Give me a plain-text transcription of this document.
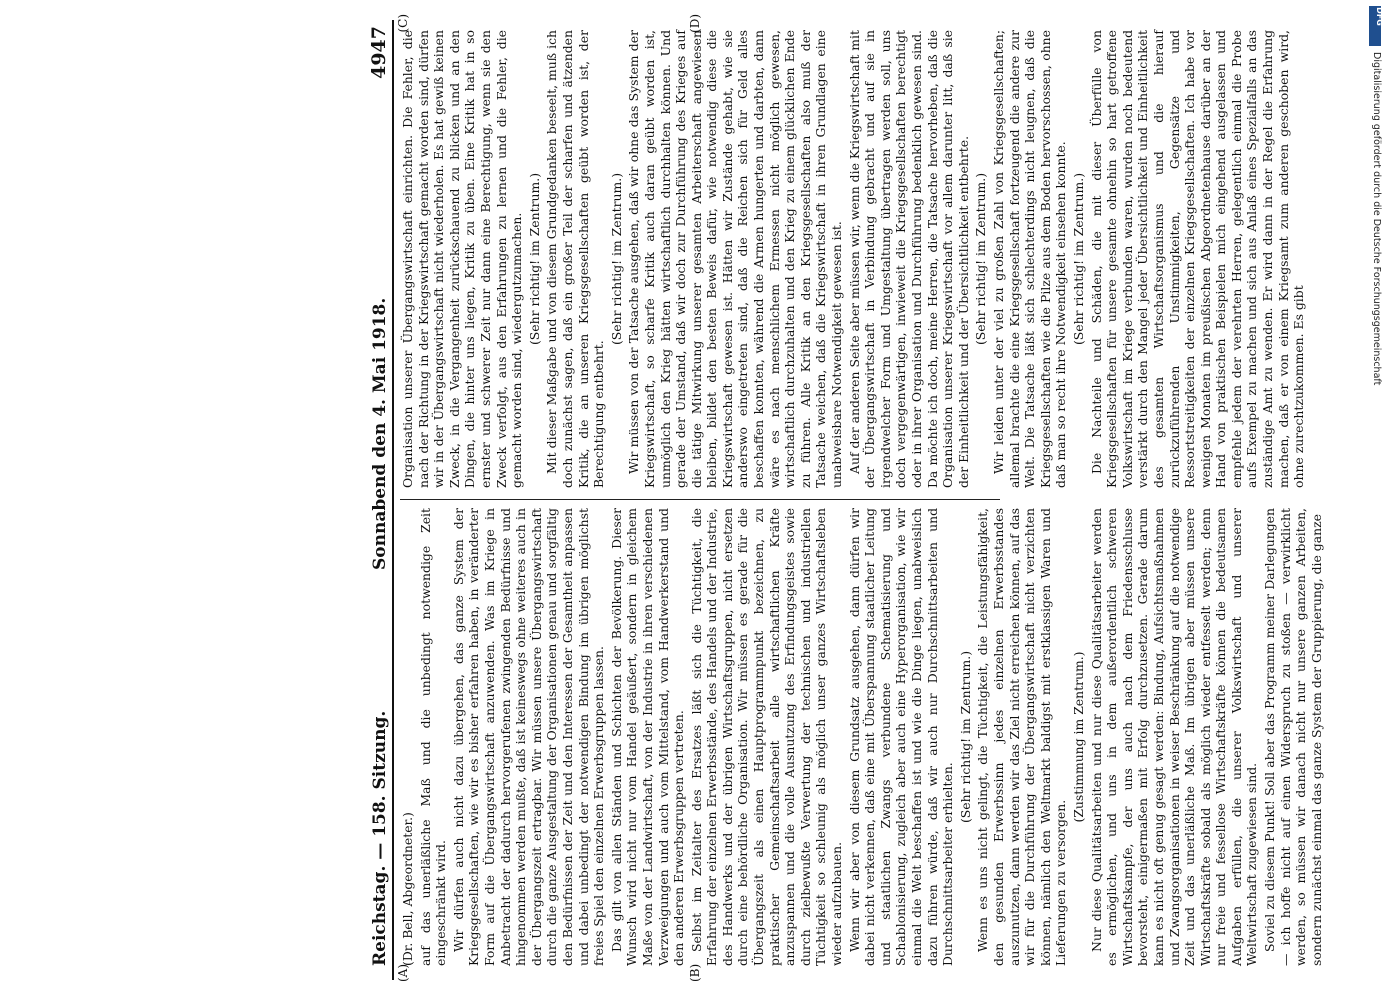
Reichstag. — 158. Sitzung.
Sonnabend den 4. Mai 1918.
4947

(Dr. Bell, Abgeordneter.) auf das unerläßliche Maß und die unbedingt notwendige Zeit eingeschränkt wird. Wir dürfen auch nicht dazu übergehen, das ganze System der Kriegsgesellschaften, wie wir es bisher erfahren haben, in veränderter Form auf die Übergangswirtschaft anzuwenden. Was im Kriege in Anbetracht der dadurch hervorgerufenen zwingenden Bedürfnisse und hingenommen werden mußte, daß ist keineswegs ohne weiteres auch in der Übergangszeit ertragbar. Wir müssen unsere Übergangswirtschaft durch die ganze Ausgestaltung der Organisationen genau und sorgfältig den Bedürfnissen der Zeit und den Interessen der Gesamtheit anpassen und dabei unbedingt der notwendigen Bindung im übrigen möglichst freies Spiel den einzelnen Erwerbsgruppen lassen. Das gilt von allen Ständen und Schichten der Bevölkerung. Dieser Wunsch wird nicht nur vom Handel geäußert, sondern in gleichem Maße von der Landwirtschaft, von der Industrie in ihren verschiedenen Verzweigungen und auch vom Mittelstand, vom Handwerkerstand und den anderen Erwerbsgruppen vertreten. Selbst im Zeitalter des Ersatzes läßt sich die Tüchtigkeit, die Erfahrung der einzelnen Erwerbsstände, des Handels und der Industrie, des Handwerks und der übrigen Wirtschaftsgruppen, nicht ersetzen durch eine behördliche Organisation. Wir müssen es gerade für die Übergangszeit als einen Hauptprogrammpunkt bezeichnen, zu praktischer Gemeinschaftsarbeit alle wirtschaftlichen Kräfte anzuspannen und die volle Ausnutzung des Erfindungsgeistes sowie durch zielbewußte Verwertung der technischen und industriellen Tüchtigkeit so schleunig als möglich unser ganzes Wirtschaftsleben wieder aufzubauen. Wenn wir aber von diesem Grundsatz ausgehen, dann dürfen wir dabei nicht verkennen, daß eine mit Überspannung staatlicher Leitung und staatlichen Zwangs verbundene Schematisierung und Schablonisierung, zugleich aber auch eine Hyperorganisation, wie wir einmal die Welt beschaffen ist und wie die Dinge liegen, unabweislich dazu führen würde, daß wir auch nur Durchschnittsarbeiten und Durchschnittsarbeiter erhielten.

(Sehr richtig! im Zentrum.) Wenn es uns nicht gelingt, die Tüchtigkeit, die Leistungsfähigkeit, den gesunden Erwerbssinn jedes einzelnen Erwerbsstandes auszunutzen, dann werden wir das Ziel nicht erreichen können, auf das wir für die Durchführung der Übergangswirtschaft nicht verzichten können, nämlich den Weltmarkt baldigst mit erstklassigen Waren und Lieferungen zu versorgen.

(Zustimmung im Zentrum.) Nur diese Qualitätsarbeiten und nur diese Qualitätsarbeiter werden es ermöglichen, und uns in dem außerordentlich schweren Wirtschaftskampfe, der uns auch nach dem Friedensschlusse bevorsteht, einigermaßen mit Erfolg durchzusetzen. Gerade darum kann es nicht oft genug gesagt werden: Bindung, Aufsichtsmaßnahmen und Zwangsorganisationen in weiser Beschränkung auf die notwendige Zeit und das unerläßliche Maß. Im übrigen aber müssen unsere Wirtschaftskräfte sobald als möglich wieder entfesselt werden; denn nur freie und fessellose Wirtschaftskräfte können die bedeutsamen Aufgaben erfüllen, die unserer Volkswirtschaft und unserer Weltwirtschaft zugewiesen sind. Soviel zu diesem Punkt! Soll aber das Programm meiner Darlegungen — ich hoffe nicht auf einen Widerspruch zu stoßen — verwirklicht werden, so müssen wir danach nicht nur unsere ganzen Arbeiten, sondern zunächst einmal das ganze System der Gruppierung, die ganze

Organisation unserer Übergangswirtschaft einrichten. Die Fehler, die nach der Richtung in der Kriegswirtschaft gemacht worden sind, dürfen wir in der Übergangswirtschaft nicht wiederholen. Es hat gewiß keinen Zweck, in die Vergangenheit zurückschauend zu blicken und an den Dingen, die hinter uns liegen, Kritik zu üben. Eine Kritik hat in so ernster und schwerer Zeit nur dann eine Berechtigung, wenn sie den Zweck verfolgt, aus den Erfahrungen zu lernen und die Fehler, die gemacht worden sind, wiedergutzumachen. (Sehr richtig! im Zentrum.) Mit dieser Maßgabe und von diesem Grundgedanken beseelt, muß ich doch zunächst sagen, daß ein großer Teil der scharfen und ätzenden Kritik, die an unseren Kriegsgesellschaften geübt worden ist, der Berechtigung entbehrt.

(Sehr richtig! im Zentrum.) Wir müssen von der Tatsache ausgehen, daß wir ohne das System der Kriegswirtschaft, so scharfe Kritik auch daran geübt worden ist, unmöglich den Krieg hätten wirtschaftlich durchhalten können. Und gerade der Umstand, daß wir doch zur Durchführung des Krieges auf die tätige Mitwirkung unserer gesamten Arbeiterschaft angewiesen bleiben, bildet den besten Beweis dafür, wie notwendig diese die Kriegswirtschaft gewesen ist. Hätten wir Zustände gehabt, wie sie anderswo eingetreten sind, daß die Reichen sich für Geld alles beschaffen konnten, während die Armen hungerten und darbten, dann wäre es nach menschlichem Ermessen nicht möglich gewesen, wirtschaftlich durchzuhalten und den Krieg zu einem glücklichen Ende zu führen. Alle Kritik an den Kriegsgesellschaften also muß der Tatsache weichen, daß die Kriegswirtschaft in ihren Grundlagen eine unabweisbare Notwendigkeit gewesen ist. Auf der anderen Seite aber müssen wir, wenn die Kriegswirtschaft mit der Übergangswirtschaft in Verbindung gebracht und auf sie in irgendwelcher Form und Umgestaltung übertragen werden soll, uns doch vergegenwärtigen, inwieweit die Kriegsgesellschaften berechtigt oder in ihrer Organisation und Durchführung bedenklich gewesen sind. Da möchte ich doch, meine Herren, die Tatsache hervorheben, daß die Organisation unserer Kriegswirtschaft vor allem darunter litt, daß sie der Einheitlichkeit und der Übersichtlichkeit entbehrte. (Sehr richtig! im Zentrum.) Wir leiden unter der viel zu großen Zahl von Kriegsgesellschaften; allemal brachte die eine Kriegsgesellschaft fortzeugend die andere zur Welt. Die Tatsache läßt sich schlechterdings nicht leugnen, daß die Kriegsgesellschaften wie die Pilze aus dem Boden hervorschossen, ohne daß man so recht ihre Notwendigkeit einsehen konnte. (Sehr richtig! im Zentrum.) Die Nachteile und Schäden, die mit dieser Überfülle von Kriegsgesellschaften für unsere gesamte ohnehin so hart getroffene Volkswirtschaft im Kriege verbunden waren, wurden noch bedeutend verstärkt durch den Mangel jeder Übersichtlichkeit und Einheitlichkeit des gesamten Wirtschaftsorganismus und die hierauf zurückzuführenden Unstimmigkeiten, Gegensätze und Ressortstreitigkeiten der einzelnen Kriegsgesellschaften. Ich habe vor wenigen Monaten im preußischen Abgeordnetenhause darüber an der Hand von praktischen Beispielen mich eingehend ausgelassen und empfehle jedem der verehrten Herren, gelegentlich einmal die Probe aufs Exempel zu machen und sich aus Anlaß eines Spezialfalls an das zuständige Amt zu wenden. Er wird dann in der Regel die Erfahrung machen, daß er von einem Kriegsamt zum anderen geschoben wird, ohne zurechtzukommen. Es gibt

(A)	(B)
(C)	(D)	DFG
Digitalisierung gefördert durch die Deutsche Forschungsgemeinschaft
